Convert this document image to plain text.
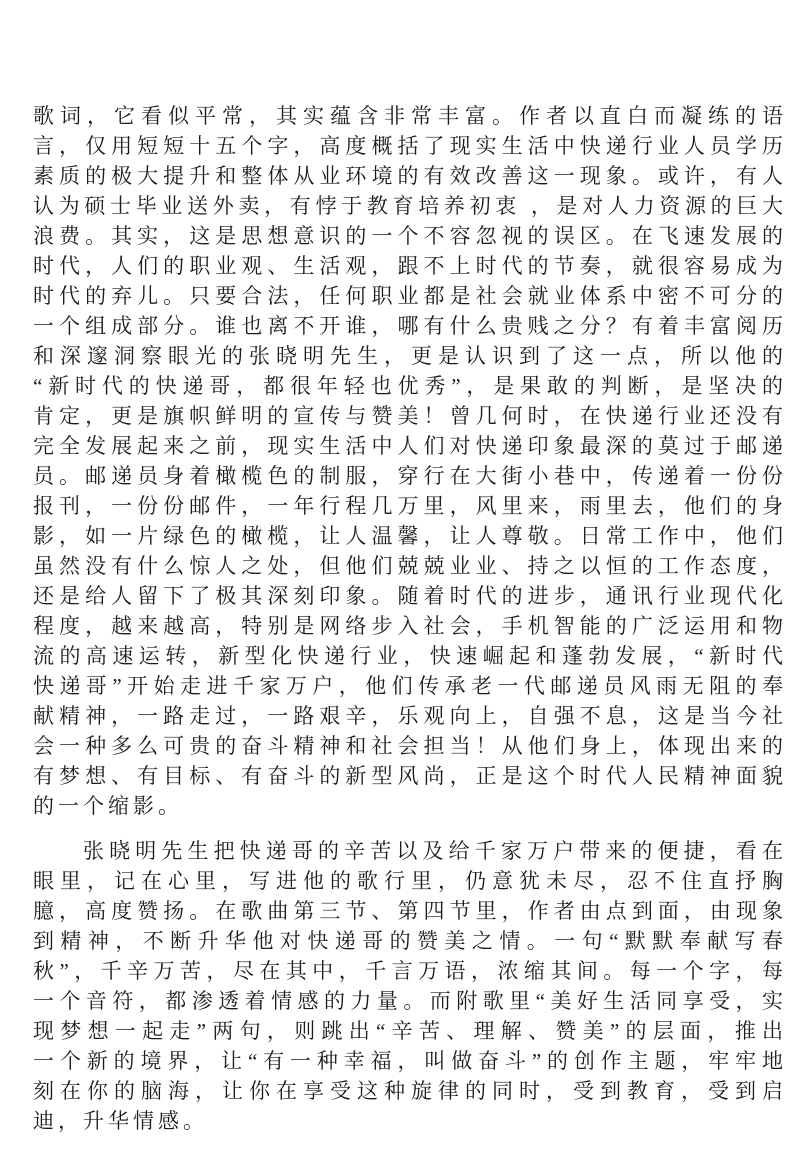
歌词，它看似平常，其实蕴含非常丰富。作者以直白而凝练的语
言，仅用短短十五个字，高度概括了现实生活中快递行业人员学历
素质的极大提升和整体从业环境的有效改善这一现象。或许，有人
认为硕士毕业送外卖，有悖于教育培养初衷 ，是对人力资源的巨大
浪费。其实，这是思想意识的一个不容忽视的误区。在飞速发展的
时代，人们的职业观、生活观，跟不上时代的节奏，就很容易成为
时代的弃儿。只要合法，任何职业都是社会就业体系中密不可分的
一个组成部分。谁也离不开谁，哪有什么贵贱之分？有着丰富阅历
和深邃洞察眼光的张晓明先生，更是认识到了这一点，所以他的
“新时代的快递哥，都很年轻也优秀”，是果敢的判断，是坚决的
肯定，更是旗帜鲜明的宣传与赞美！曾几何时，在快递行业还没有
完全发展起来之前，现实生活中人们对快递印象最深的莫过于邮递
员。邮递员身着橄榄色的制服，穿行在大街小巷中，传递着一份份
报刊，一份份邮件，一年行程几万里，风里来，雨里去，他们的身
影，如一片绿色的橄榄，让人温馨，让人尊敬。日常工作中，他们
虽然没有什么惊人之处，但他们兢兢业业、持之以恒的工作态度，
还是给人留下了极其深刻印象。随着时代的进步，通讯行业现代化
程度，越来越高，特别是网络步入社会，手机智能的广泛运用和物
流的高速运转，新型化快递行业，快速崛起和蓬勃发展，“新时代
快递哥”开始走进千家万户，他们传承老一代邮递员风雨无阻的奉
献精神，一路走过，一路艰辛，乐观向上，自强不息，这是当今社
会一种多么可贵的奋斗精神和社会担当！从他们身上，体现出来的
有梦想、有目标、有奋斗的新型风尚，正是这个时代人民精神面貌
的一个缩影。
张晓明先生把快递哥的辛苦以及给千家万户带来的便捷，看在
眼里，记在心里，写进他的歌行里，仍意犹未尽，忍不住直抒胸
臆，高度赞扬。在歌曲第三节、第四节里，作者由点到面，由现象
到精神，不断升华他对快递哥的赞美之情。一句“默默奉献写春
秋”，千辛万苦，尽在其中，千言万语，浓缩其间。每一个字，每
一个音符，都渗透着情感的力量。而附歌里“美好生活同享受，实
现梦想一起走”两句，则跳出“辛苦、理解、赞美”的层面，推出
一个新的境界，让“有一种幸福，叫做奋斗”的创作主题，牢牢地
刻在你的脑海，让你在享受这种旋律的同时，受到教育，受到启
迪，升华情感。
